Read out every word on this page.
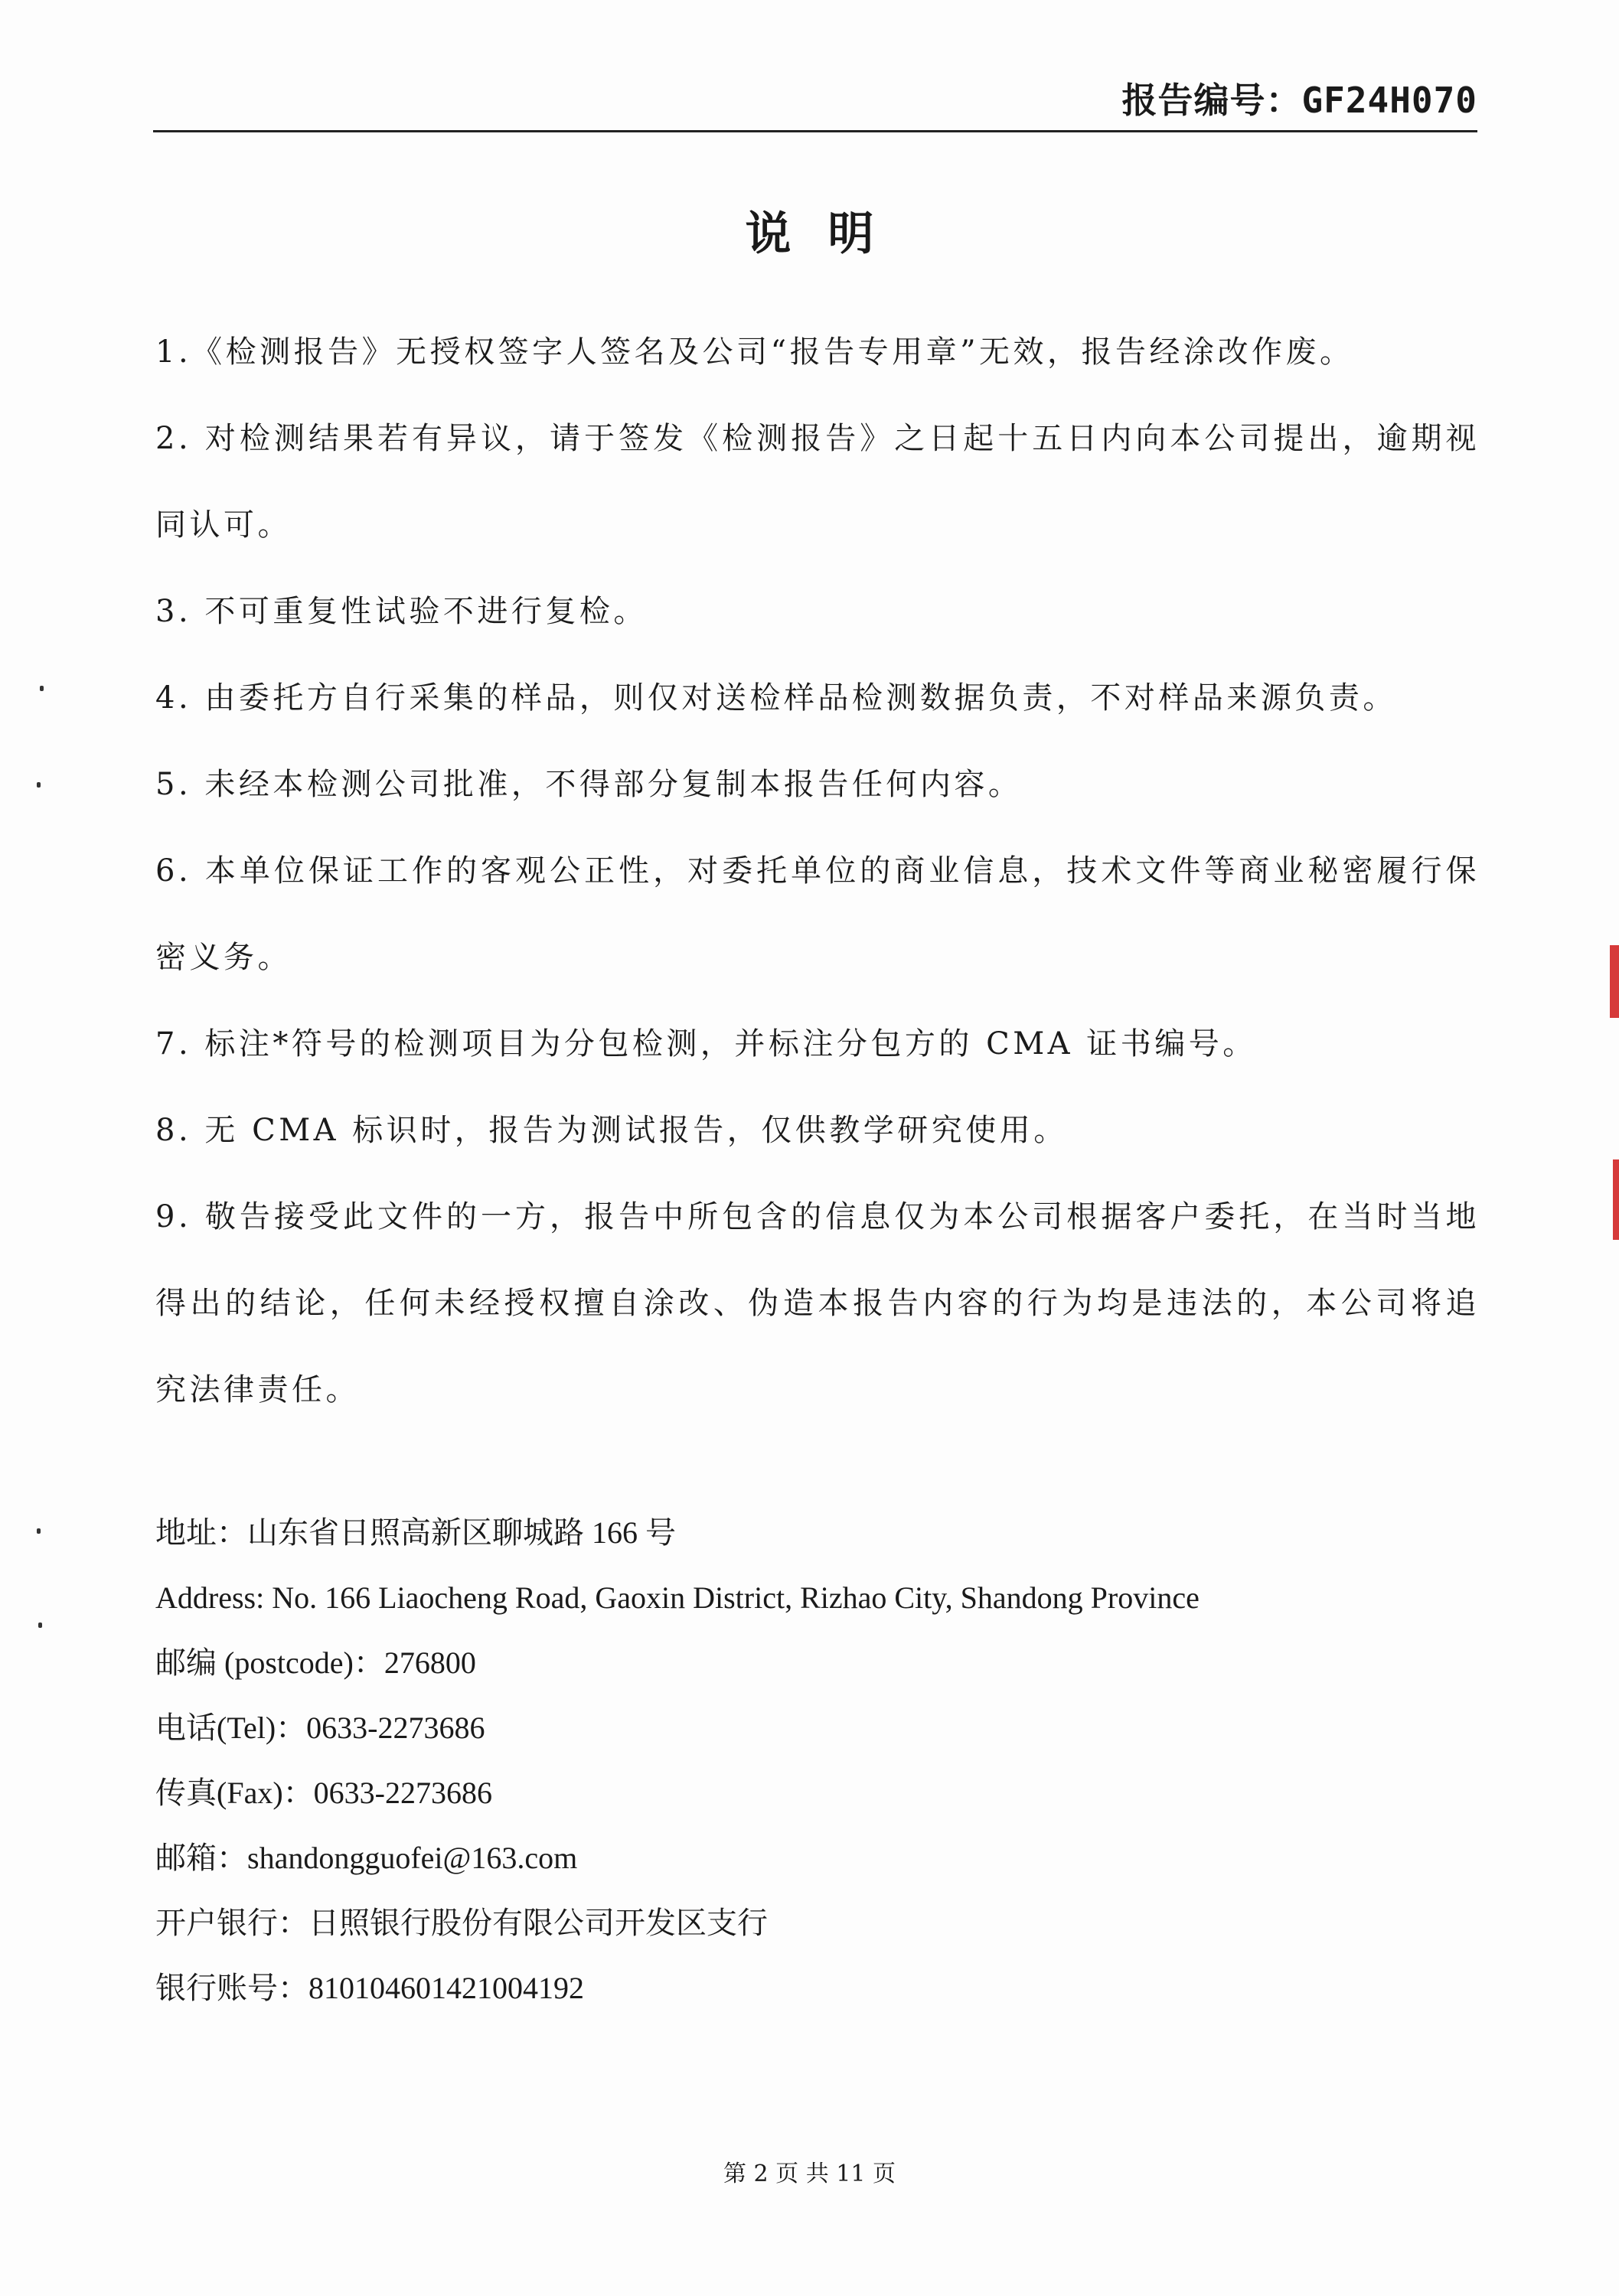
报告编号：GF24H070
说明

1.《检测报告》无授权签字人签名及公司“报告专用章”无效，报告经涂改作废。

2. 对检测结果若有异议，请于签发《检测报告》之日起十五日内向本公司提出，逾期视同认可。

3. 不可重复性试验不进行复检。

4. 由委托方自行采集的样品，则仅对送检样品检测数据负责，不对样品来源负责。

5. 未经本检测公司批准，不得部分复制本报告任何内容。

6. 本单位保证工作的客观公正性，对委托单位的商业信息，技术文件等商业秘密履行保密义务。

7. 标注*符号的检测项目为分包检测，并标注分包方的 CMA 证书编号。

8. 无 CMA 标识时，报告为测试报告，仅供教学研究使用。

9. 敬告接受此文件的一方，报告中所包含的信息仅为本公司根据客户委托，在当时当地得出的结论，任何未经授权擅自涂改、伪造本报告内容的行为均是违法的，本公司将追究法律责任。

地址：山东省日照高新区聊城路 166 号
Address: No. 166 Liaocheng Road, Gaoxin District, Rizhao City, Shandong Province
邮编 (postcode)：276800
电话(Tel)：0633-2273686
传真(Fax)：0633-2273686
邮箱：shandongguofei@163.com
开户银行：日照银行股份有限公司开发区支行
银行账号：810104601421004192
第 2 页 共 11 页
